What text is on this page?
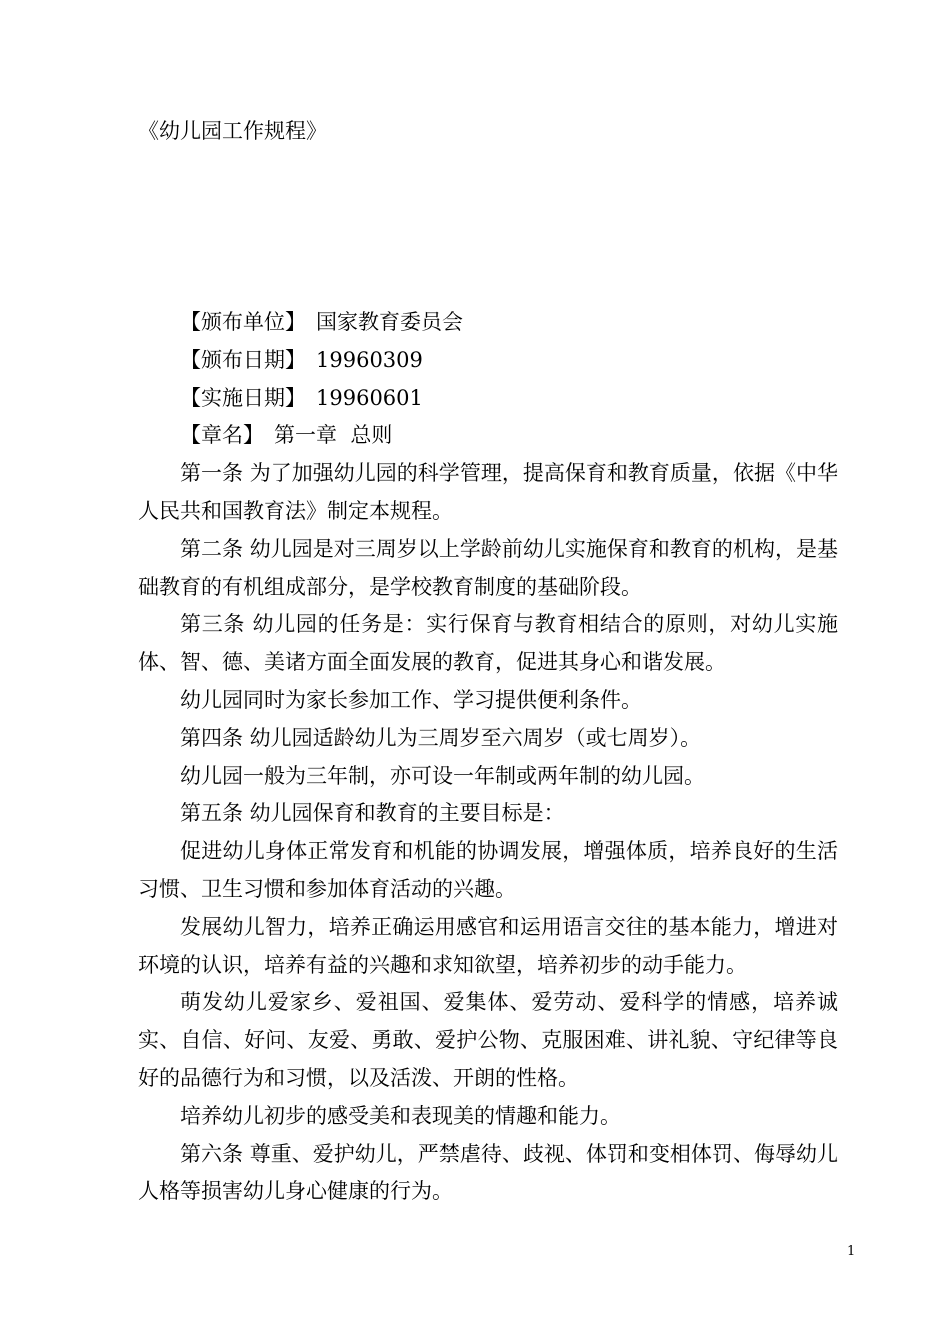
《幼儿园工作规程》

【颁布单位】 国家教育委员会

【颁布日期】 19960309

【实施日期】 19960601

【章名】 第一章  总则

第一条 为了加强幼儿园的科学管理，提高保育和教育质量，依据《中华人民共和国教育法》制定本规程。

第二条 幼儿园是对三周岁以上学龄前幼儿实施保育和教育的机构，是基础教育的有机组成部分，是学校教育制度的基础阶段。

第三条 幼儿园的任务是：实行保育与教育相结合的原则，对幼儿实施体、智、德、美诸方面全面发展的教育，促进其身心和谐发展。

幼儿园同时为家长参加工作、学习提供便利条件。

第四条 幼儿园适龄幼儿为三周岁至六周岁（或七周岁）。

幼儿园一般为三年制，亦可设一年制或两年制的幼儿园。

第五条 幼儿园保育和教育的主要目标是：

促进幼儿身体正常发育和机能的协调发展，增强体质，培养良好的生活习惯、卫生习惯和参加体育活动的兴趣。

发展幼儿智力，培养正确运用感官和运用语言交往的基本能力，增进对环境的认识，培养有益的兴趣和求知欲望，培养初步的动手能力。

萌发幼儿爱家乡、爱祖国、爱集体、爱劳动、爱科学的情感，培养诚实、自信、好问、友爱、勇敢、爱护公物、克服困难、讲礼貌、守纪律等良好的品德行为和习惯，以及活泼、开朗的性格。

培养幼儿初步的感受美和表现美的情趣和能力。

第六条 尊重、爱护幼儿，严禁虐待、歧视、体罚和变相体罚、侮辱幼儿人格等损害幼儿身心健康的行为。

1
